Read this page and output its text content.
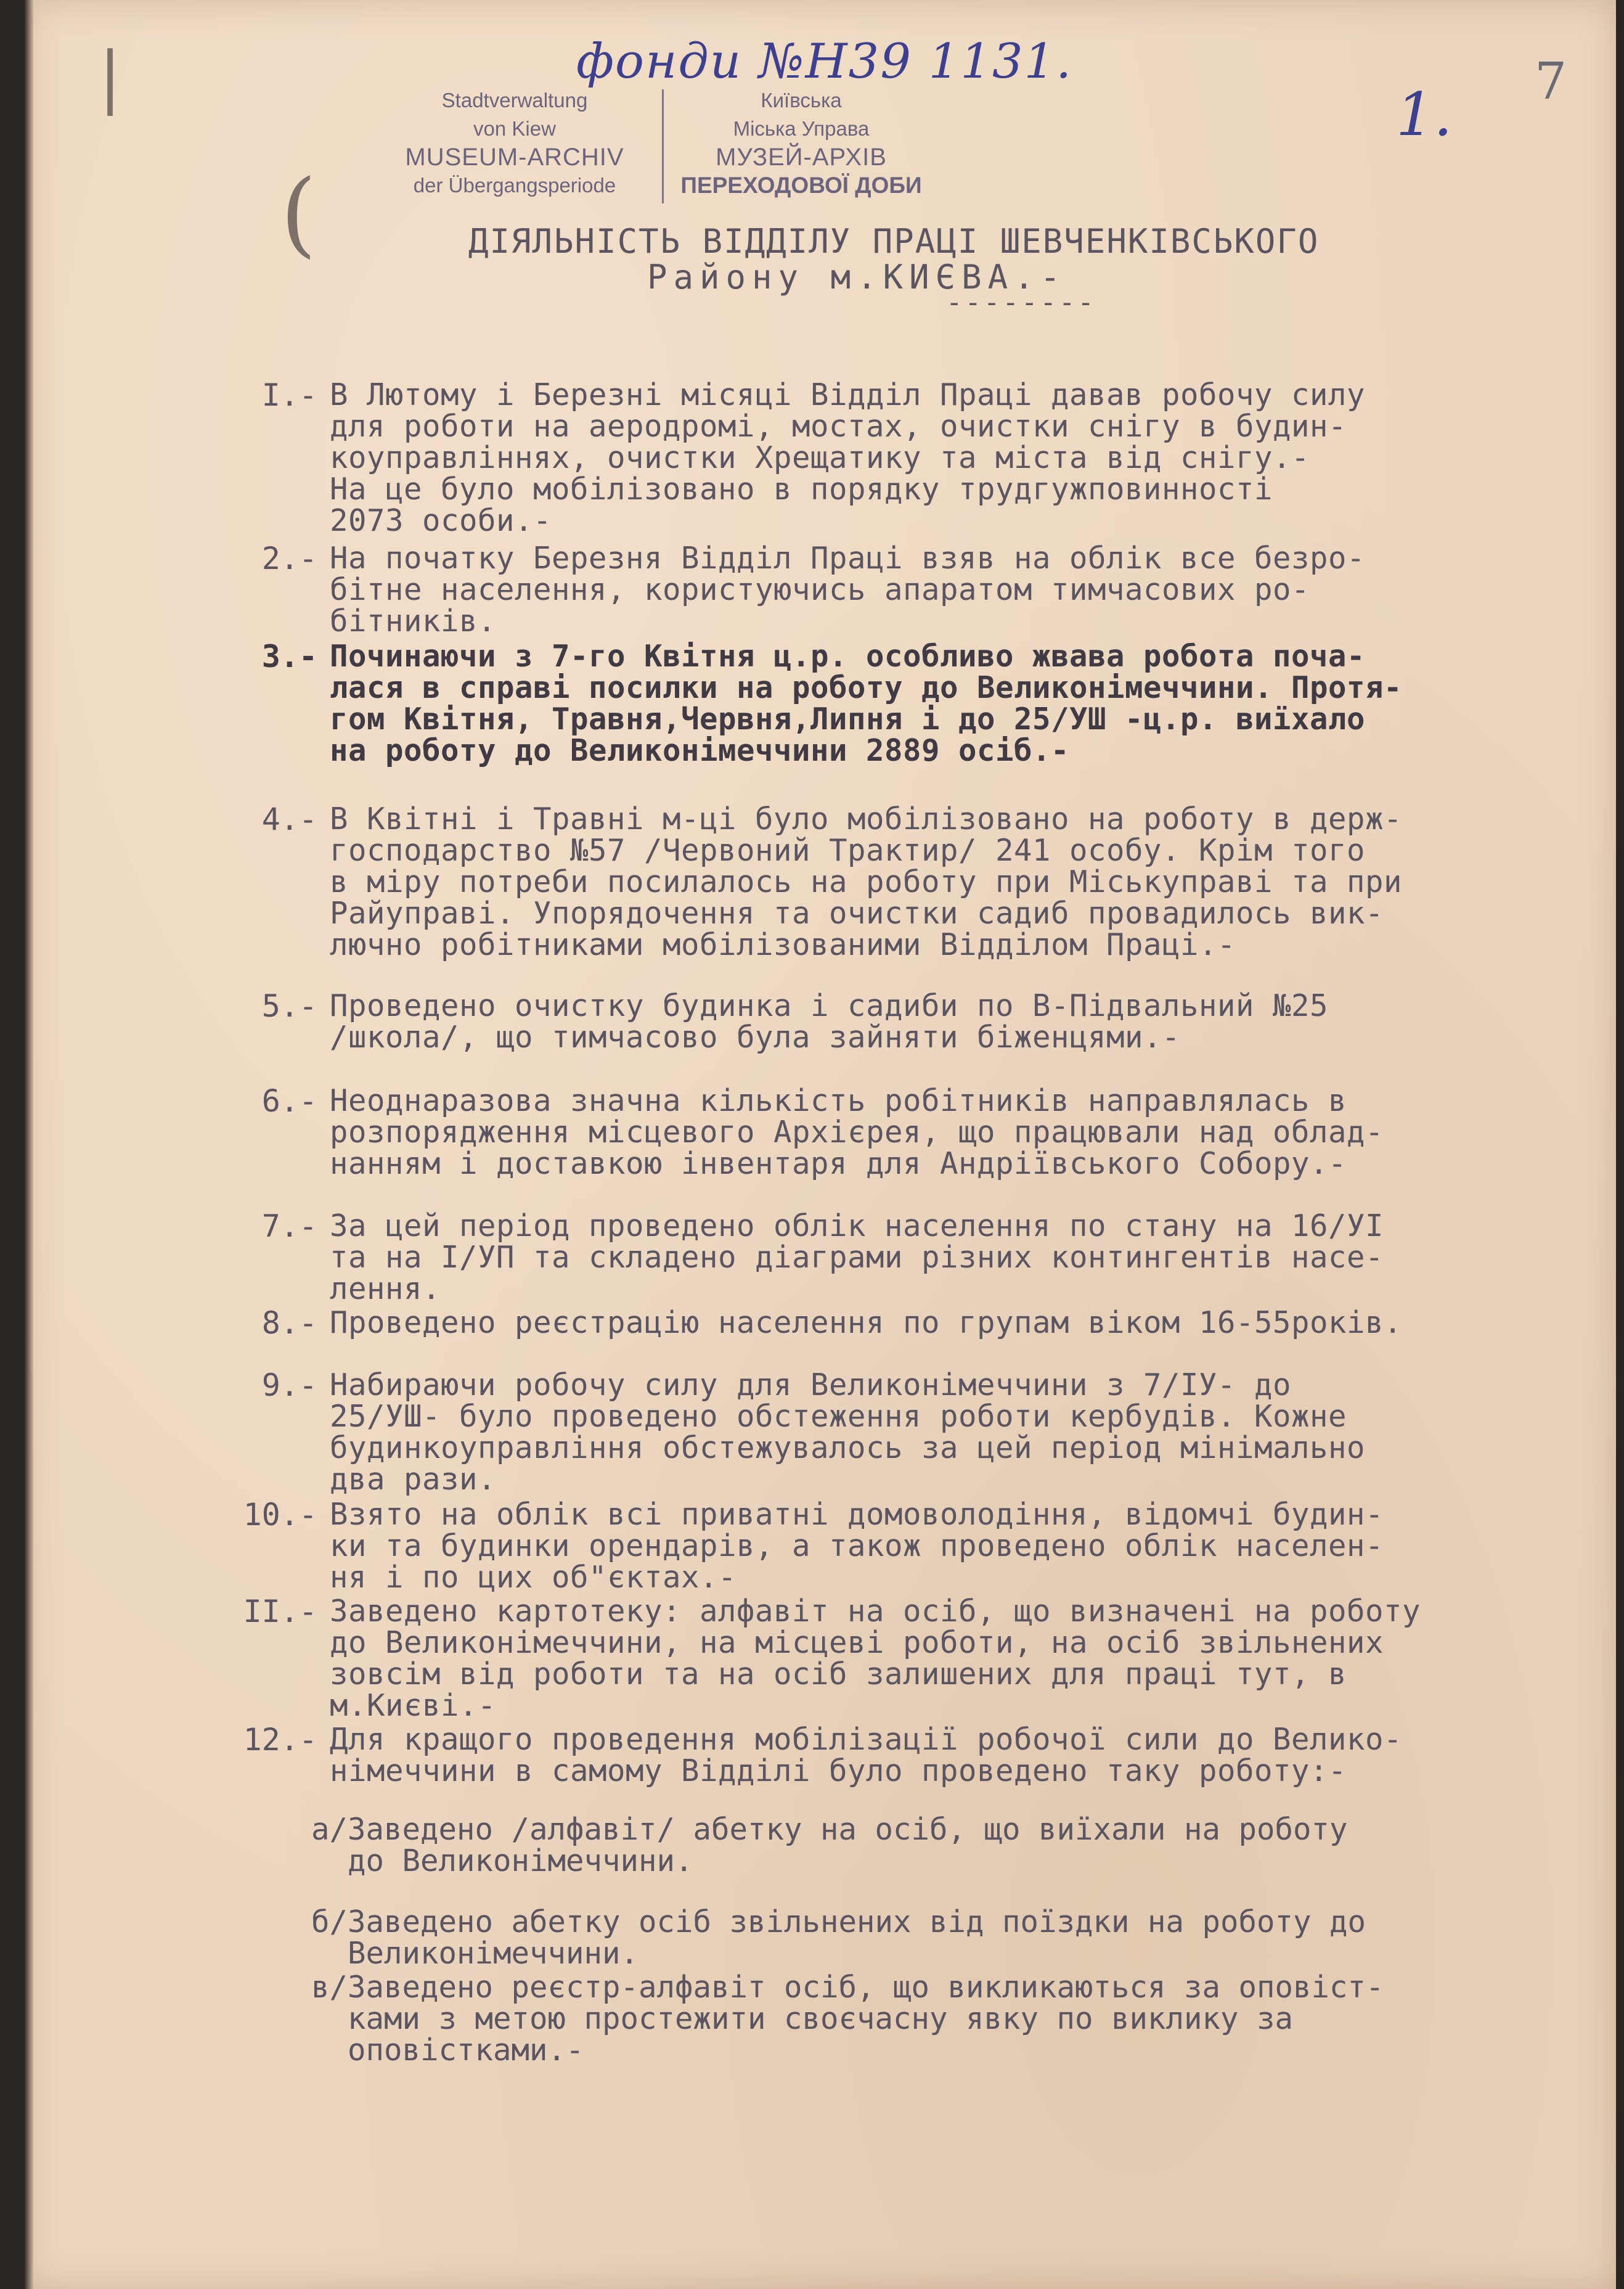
фонди №Н39 1131.
1. 7
|
(
Stadtverwaltung
von Kiew
MUSEUM-ARCHIV
der Übergangsperiode
Київська
Міська Управа
МУЗЕЙ-АРХІВ
ПЕРЕХОДОВОЇ ДОБИ
ДІЯЛЬНІСТЬ ВІДДІЛУ ПРАЦІ ШЕВЧЕНКІВСЬКОГО
Району м.КИЄВА.-
--------
I.- В Лютому і Березні місяці Відділ Праці давав робочу силу
для роботи на аеродромі, мостах, очистки снігу в будин-
коуправліннях, очистки Хрещатику та міста від снігу.-
На це було мобілізовано в порядку трудгужповинності
2073 особи.-
2.- На початку Березня Відділ Праці взяв на облік все безро-
бітне населення, користуючись апаратом тимчасових ро-
бітників.
3.- Починаючи з 7-го Квітня ц.р. особливо жвава робота поча-
лася в справі посилки на роботу до Великонімеччини. Протя-
гом Квітня, Травня,Червня,Липня і до 25/УШ -ц.р. виїхало
на роботу до Великонімеччини 2889 осіб.-
4.- В Квітні і Травні м-ці було мобілізовано на роботу в держ-
господарство №57 /Червоний Трактир/ 241 особу. Крім того
в міру потреби посилалось на роботу при Міськуправі та при
Райуправі. Упорядочення та очистки садиб провадилось вик-
лючно робітниками мобілізованими Відділом Праці.-
5.- Проведено очистку будинка і садиби по В-Підвальний №25
/школа/, що тимчасово була зайняти біженцями.-
6.- Неоднаразова значна кількість робітників направлялась в
розпорядження місцевого Архієрея, що працювали над облад-
нанням і доставкою інвентаря для Андріївського Собору.-
7.- За цей період проведено облік населення по стану на 16/УІ
та на І/УП та складено діаграми різних контингентів насе-
лення.
8.- Проведено реєстрацію населення по групам віком 16-55років.
9.- Набираючи робочу силу для Великонімеччини з 7/ІУ- до
25/УШ- було проведено обстеження роботи кербудів. Кожне
будинкоуправління обстежувалось за цей період мінімально
два рази.
10.- Взято на облік всі приватні домоволодіння, відомчі будин-
ки та будинки орендарів, а також проведено облік населен-
ня і по цих об"єктах.-
II.- Заведено картотеку: алфавіт на осіб, що визначені на роботу
до Великонімеччини, на місцеві роботи, на осіб звільнених
зовсім від роботи та на осіб залишених для праці тут, в
м.Києві.-
12.- Для кращого проведення мобілізації робочої сили до Велико-
німеччини в самому Відділі було проведено таку роботу:-
а/Заведено /алфавіт/ абетку на осіб, що виїхали на роботу
до Великонімеччини.
б/Заведено абетку осіб звільнених від поїздки на роботу до
Великонімеччини.
в/Заведено реєстр-алфавіт осіб, що викликаються за оповіст-
ками з метою простежити своєчасну явку по виклику за
оповістками.-
